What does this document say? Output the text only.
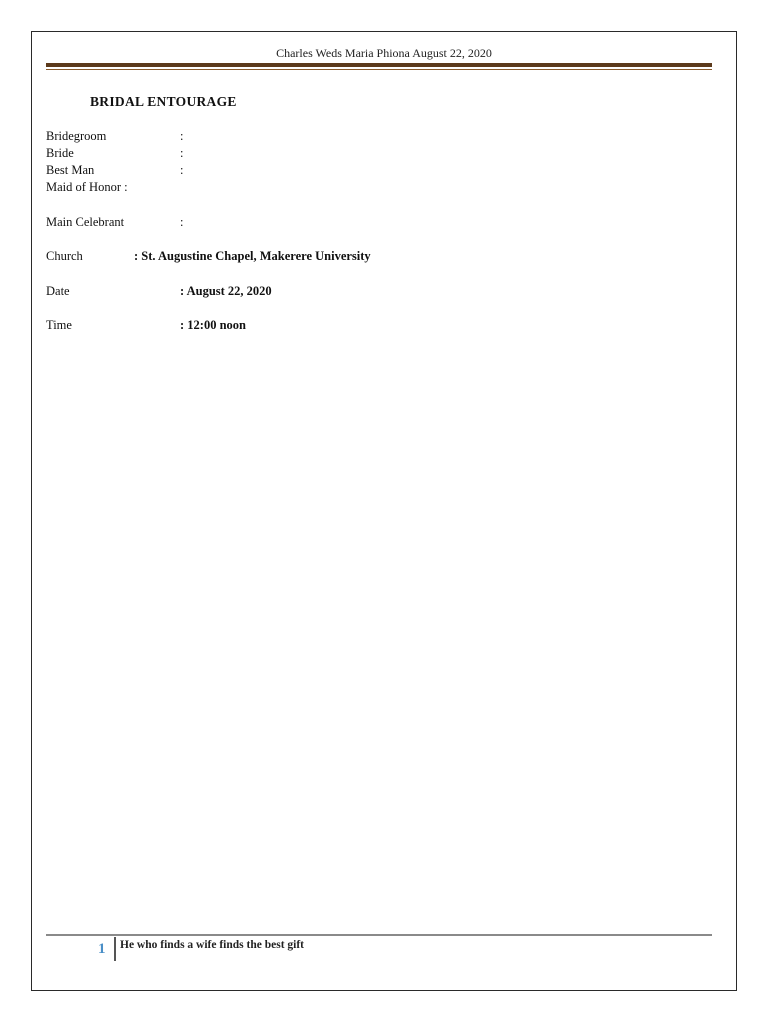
Charles Weds Maria Phiona August 22, 2020
BRIDAL ENTOURAGE
Bridegroom	:
Bride	:
Best Man	:
Maid of Honor :
Main Celebrant	:
Church	: St. Augustine Chapel, Makerere University
Date	: August 22, 2020
Time	: 12:00 noon
1 He who finds a wife finds the best gift
